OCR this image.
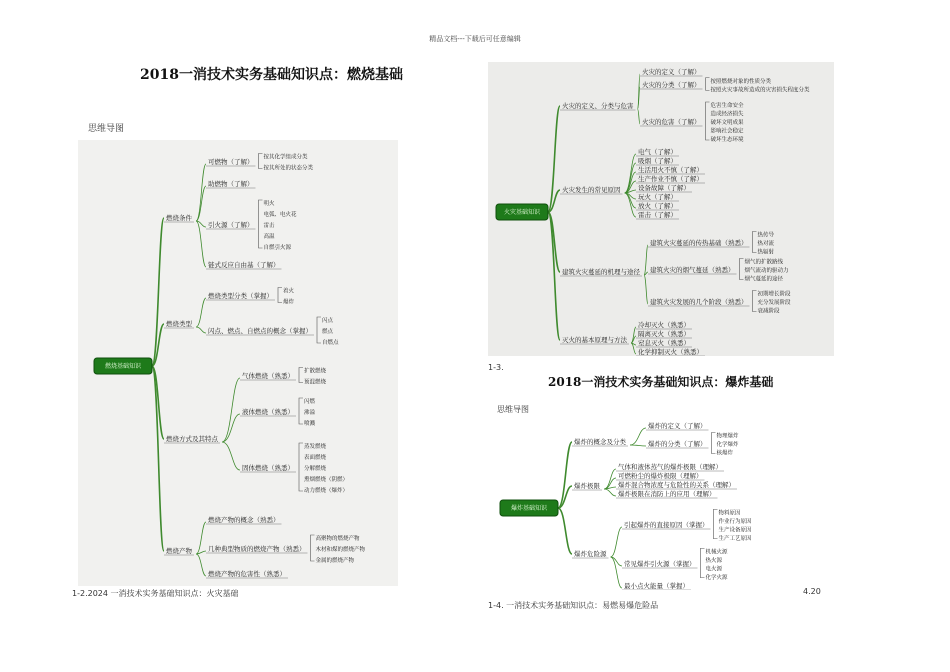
精品文档---下载后可任意编辑
2018一消技术实务基础知识点：燃烧基础
思维导图
燃烧条件
可燃物（了解）
按其化学组成分类
按其所处的状态分类
助燃物（了解）
引火源（了解）
明火
电弧、电火花
雷击
高温
自燃引火源
链式反应自由基（了解）
燃烧类型
燃烧类型分类（掌握）
着火
爆炸
闪点、燃点、自燃点的概念（掌握）
闪点
燃点
自燃点
燃烧方式及其特点
气体燃烧（熟悉）
扩散燃烧
预混燃烧
液体燃烧（熟悉）
闪燃
沸溢
喷溅
固体燃烧（熟悉）
蒸发燃烧
表面燃烧
分解燃烧
熏烟燃烧（阴燃）
动力燃烧（爆炸）
燃烧产物
燃烧产物的概念（熟悉）
几种典型物质的燃烧产物（熟悉）
高聚物的燃烧产物
木材和煤的燃烧产物
金属的燃烧产物
燃烧产物的危害性（熟悉）
燃烧基础知识
1-2.2024 一消技术实务基础知识点：火灾基础
火灾的定义、分类与危害
火灾的定义（了解）
火灾的分类（了解） 按照燃烧对象的性质分类
按照火灾事故所造成的灾害损失程度分类
火灾的危害（了解）
危害生命安全
造成经济损失
破坏文明成果
影响社会稳定
破坏生态环境
火灾发生的常见原因
电气（了解）
吸烟（了解）
生活用火不慎（了解）
生产作业不慎（了解）
设备故障（了解）
玩火（了解）
放火（了解）
雷击（了解）
建筑火灾蔓延的机理与途径
建筑火灾蔓延的传热基础（熟悉）
热传导
热对流
热辐射
建筑火灾的烟气蔓延（熟悉）
烟气的扩散路线
烟气流动的驱动力
烟气蔓延的途径
建筑火灾发展的几个阶段（熟悉）
初期增长阶段
充分发展阶段
衰减阶段
灭火的基本原理与方法
冷却灭火（熟悉）
隔离灭火（熟悉）
窒息灭火（熟悉）
化学抑制灭火（熟悉）
火灾基础知识
1-3.
2018一消技术实务基础知识点：爆炸基础
思维导图
爆炸的概念及分类
爆炸的定义（了解）
爆炸的分类（了解）
物理爆炸
化学爆炸
核爆炸
爆炸极限
气体和液体蒸气的爆炸极限（理解）
可燃粉尘的爆炸极限（理解）
爆炸混合物浓度与危险性的关系（理解）
爆炸极限在消防上的应用（理解）
爆炸危险源
引起爆炸的直接原因（掌握）
物料原因
作业行为原因
生产设备原因
生产工艺原因
常见爆炸引火源（掌握）
机械火源
热火源
电火源
化学火源
最小点火能量（掌握）
爆炸基础知识
1-4. 一消技术实务基础知识点：易燃易爆危险品
4.20
